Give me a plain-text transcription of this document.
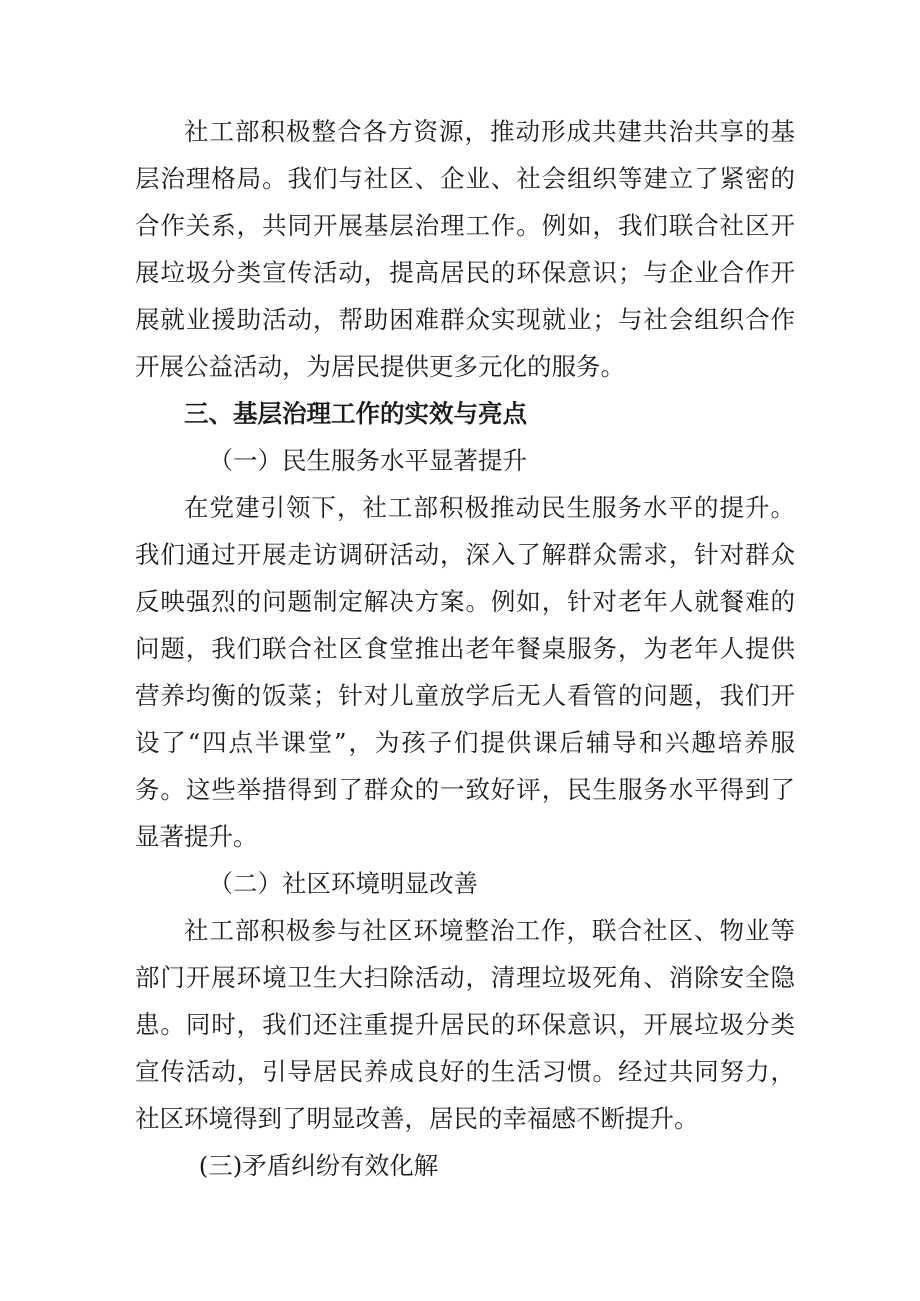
社工部积极整合各方资源，推动形成共建共治共享的基层治理格局。我们与社区、企业、社会组织等建立了紧密的合作关系，共同开展基层治理工作。例如，我们联合社区开展垃圾分类宣传活动，提高居民的环保意识；与企业合作开展就业援助活动，帮助困难群众实现就业；与社会组织合作开展公益活动，为居民提供更多元化的服务。

三、基层治理工作的实效与亮点

（一）民生服务水平显著提升

在党建引领下，社工部积极推动民生服务水平的提升。我们通过开展走访调研活动，深入了解群众需求，针对群众反映强烈的问题制定解决方案。例如，针对老年人就餐难的问题，我们联合社区食堂推出老年餐桌服务，为老年人提供营养均衡的饭菜；针对儿童放学后无人看管的问题，我们开设了“四点半课堂”，为孩子们提供课后辅导和兴趣培养服务。这些举措得到了群众的一致好评，民生服务水平得到了显著提升。

（二）社区环境明显改善

社工部积极参与社区环境整治工作，联合社区、物业等部门开展环境卫生大扫除活动，清理垃圾死角、消除安全隐患。同时，我们还注重提升居民的环保意识，开展垃圾分类宣传活动，引导居民养成良好的生活习惯。经过共同努力，社区环境得到了明显改善，居民的幸福感不断提升。

(三)矛盾纠纷有效化解
